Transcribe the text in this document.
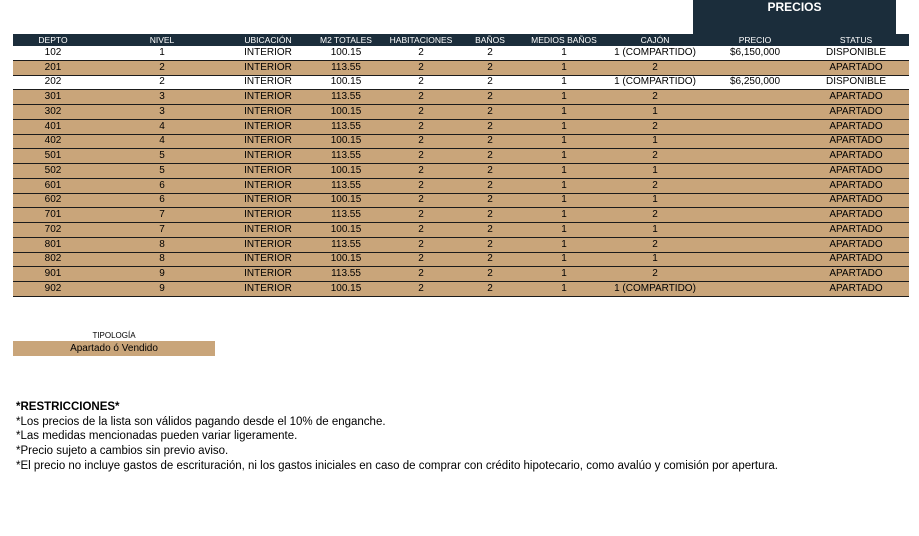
PRECIOS
DEPTO	NIVEL	UBICACIÓN	M2 TOTALES	HABITACIONES	BAÑOS	MEDIOS BAÑOS	CAJÓN	PRECIO	STATUS
102	1	INTERIOR	100.15	2	2	1	1 (COMPARTIDO)	$6,150,000	DISPONIBLE
201	2	INTERIOR	113.55	2	2	1	2		APARTADO
202	2	INTERIOR	100.15	2	2	1	1 (COMPARTIDO)	$6,250,000	DISPONIBLE
301	3	INTERIOR	113.55	2	2	1	2		APARTADO
302	3	INTERIOR	100.15	2	2	1	1		APARTADO
401	4	INTERIOR	113.55	2	2	1	2		APARTADO
402	4	INTERIOR	100.15	2	2	1	1		APARTADO
501	5	INTERIOR	113.55	2	2	1	2		APARTADO
502	5	INTERIOR	100.15	2	2	1	1		APARTADO
601	6	INTERIOR	113.55	2	2	1	2		APARTADO
602	6	INTERIOR	100.15	2	2	1	1		APARTADO
701	7	INTERIOR	113.55	2	2	1	2		APARTADO
702	7	INTERIOR	100.15	2	2	1	1		APARTADO
801	8	INTERIOR	113.55	2	2	1	2		APARTADO
802	8	INTERIOR	100.15	2	2	1	1		APARTADO
901	9	INTERIOR	113.55	2	2	1	2		APARTADO
902	9	INTERIOR	100.15	2	2	1	1 (COMPARTIDO)		APARTADO
TIPOLOGÍA
Apartado ó Vendido
*RESTRICCIONES*
*Los precios de la lista son válidos pagando desde el 10% de enganche.
*Las medidas mencionadas pueden variar ligeramente.
*Precio sujeto a cambios sin previo aviso.
*El precio no incluye gastos de escrituración, ni los gastos iniciales en caso de comprar con crédito hipotecario, como avalúo y comisión por apertura.
